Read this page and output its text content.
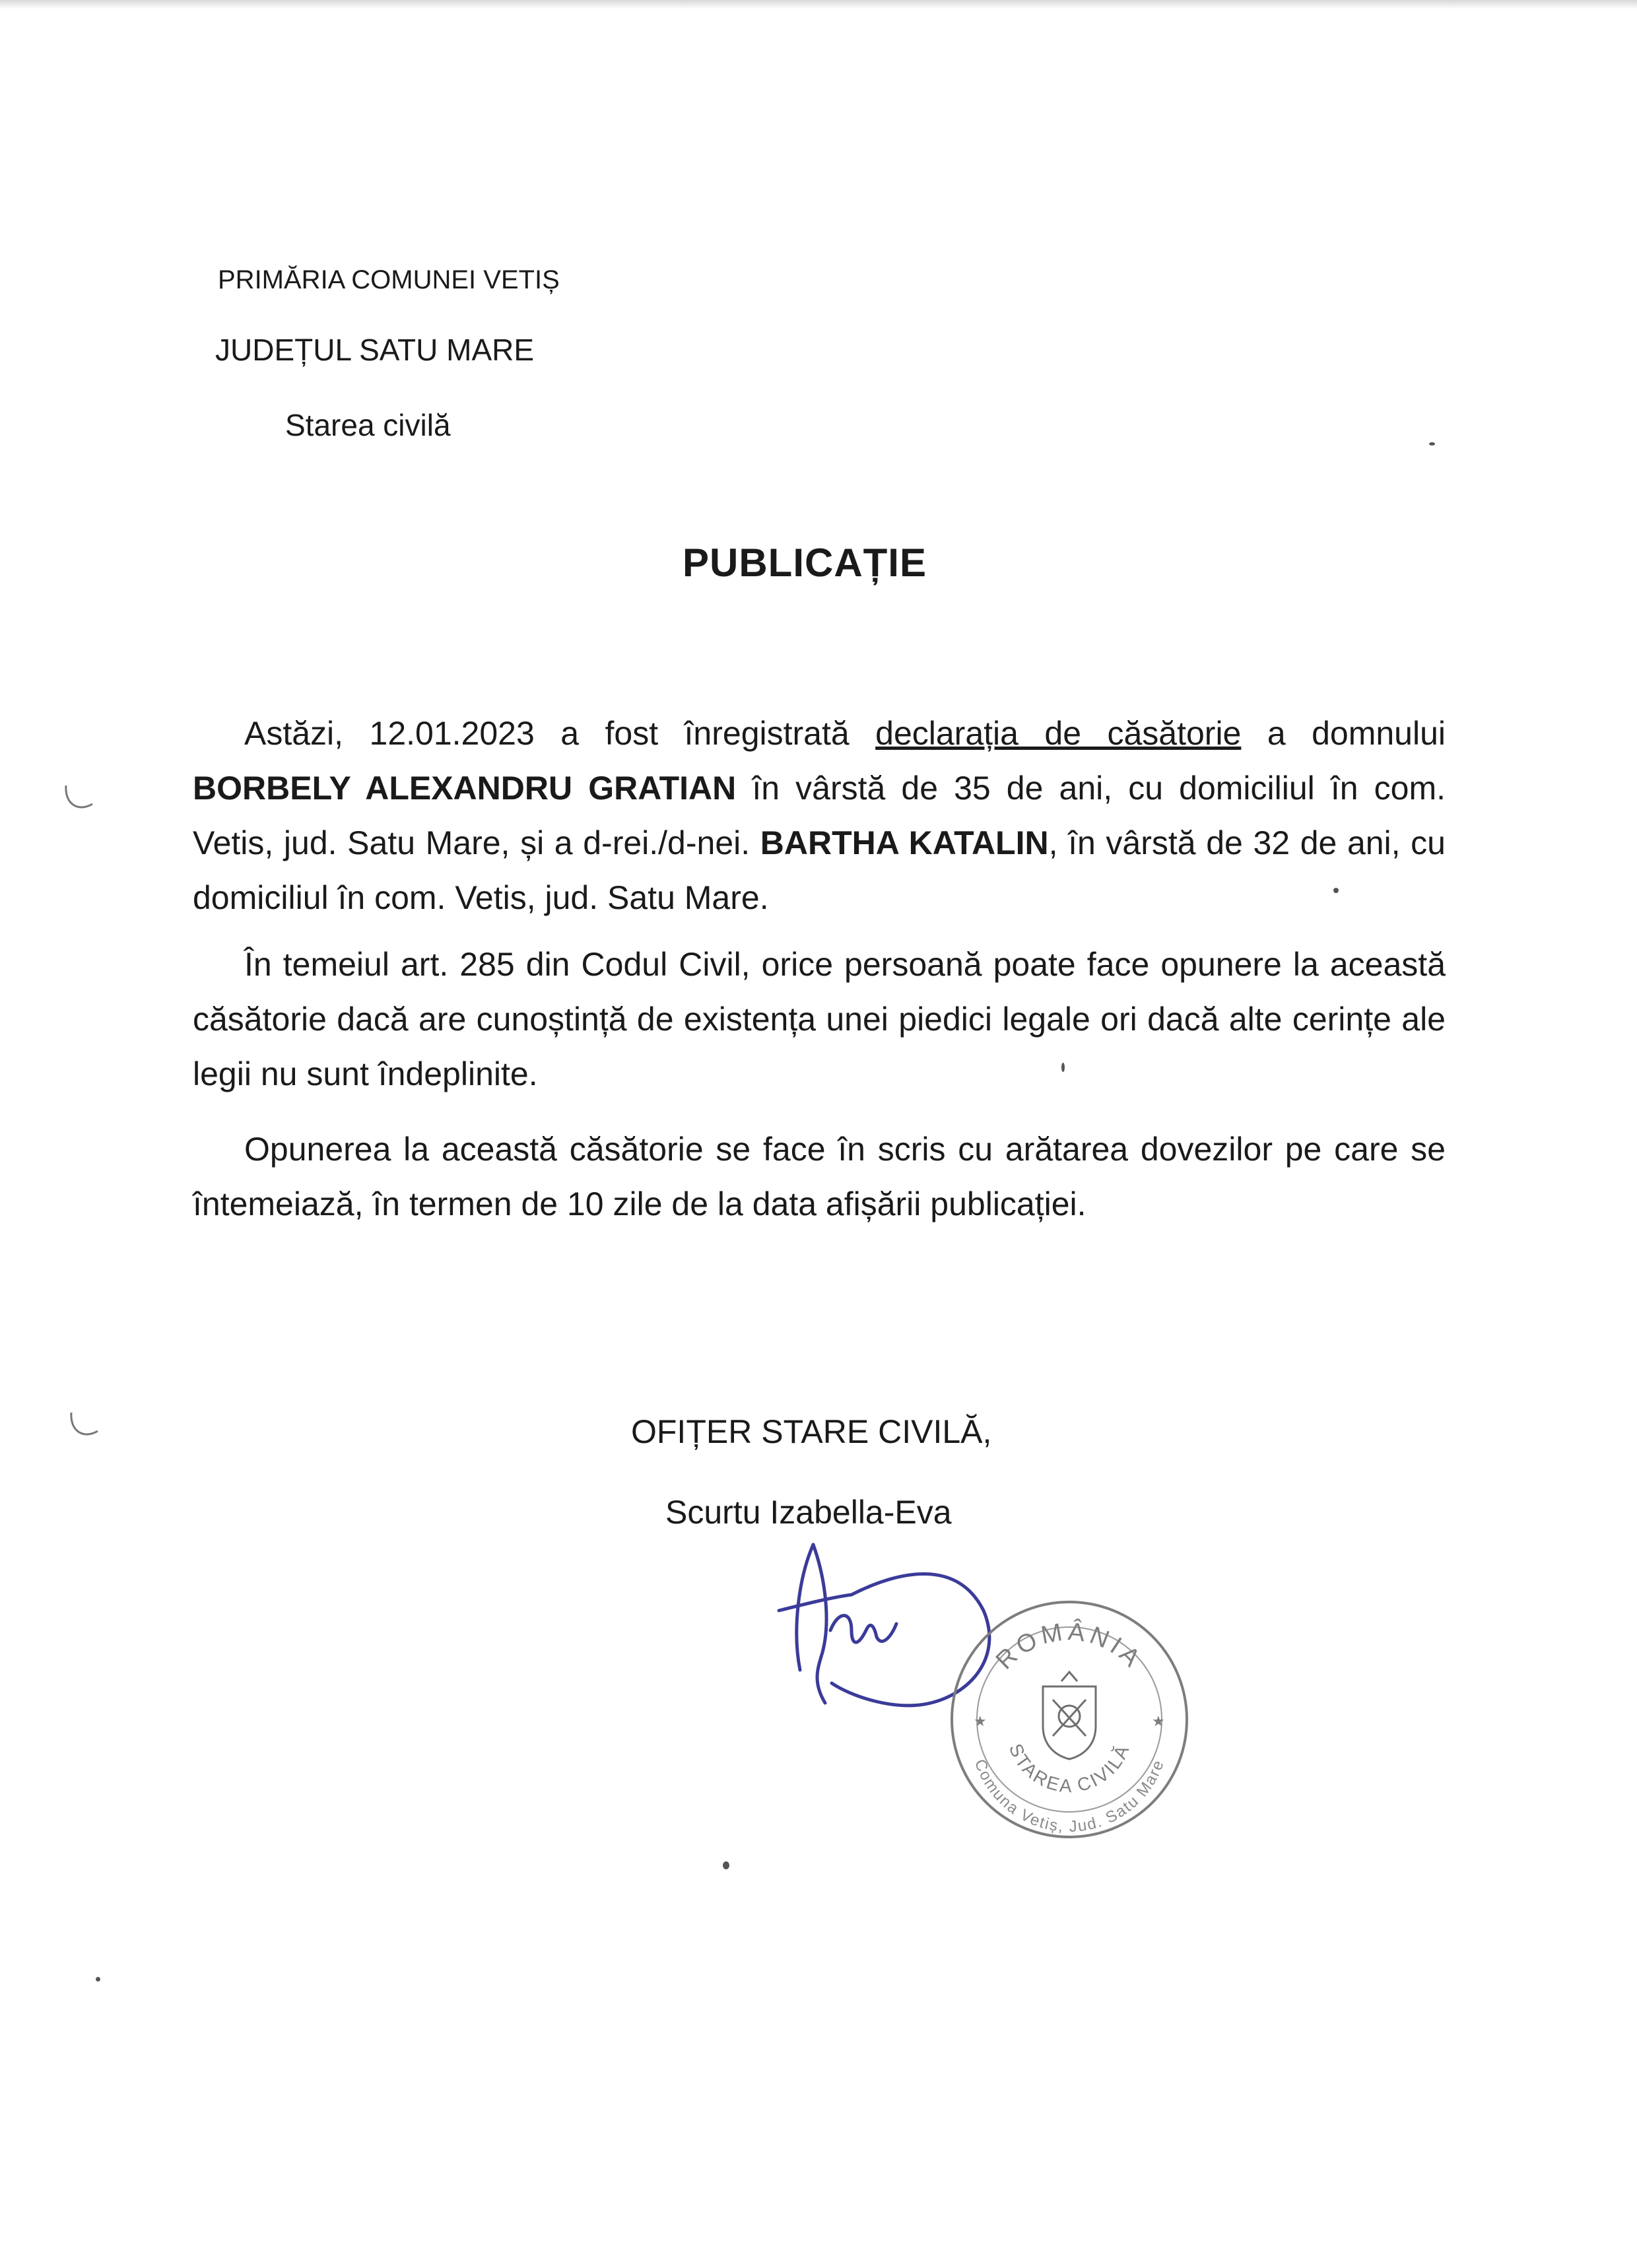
PRIMĂRIA COMUNEI VETIȘ
JUDEȚUL SATU MARE
Starea civilă
PUBLICAȚIE

Astăzi, 12.01.2023 a fost înregistrată declarația de căsătorie a domnului BORBELY ALEXANDRU GRATIAN în vârstă de 35 de ani, cu domiciliul în com. Vetis, jud. Satu Mare, și a d-rei./d-nei. BARTHA KATALIN, în vârstă de 32 de ani, cu domiciliul în com. Vetis, jud. Satu Mare.

În temeiul art. 285 din Codul Civil, orice persoană poate face opunere la această căsătorie dacă are cunoștință de existența unei piedici legale ori dacă alte cerințe ale legii nu sunt îndeplinite.

Opunerea la această căsătorie se face în scris cu arătarea dovezilor pe care se întemeiază, în termen de 10 zile de la data afișării publicației.

OFIȚER STARE CIVILĂ,
Scurtu Izabella-Eva
ROMÂNIA
STAREA CIVILĂ
Comuna Vetiș, Jud. Satu Mare
★	★
